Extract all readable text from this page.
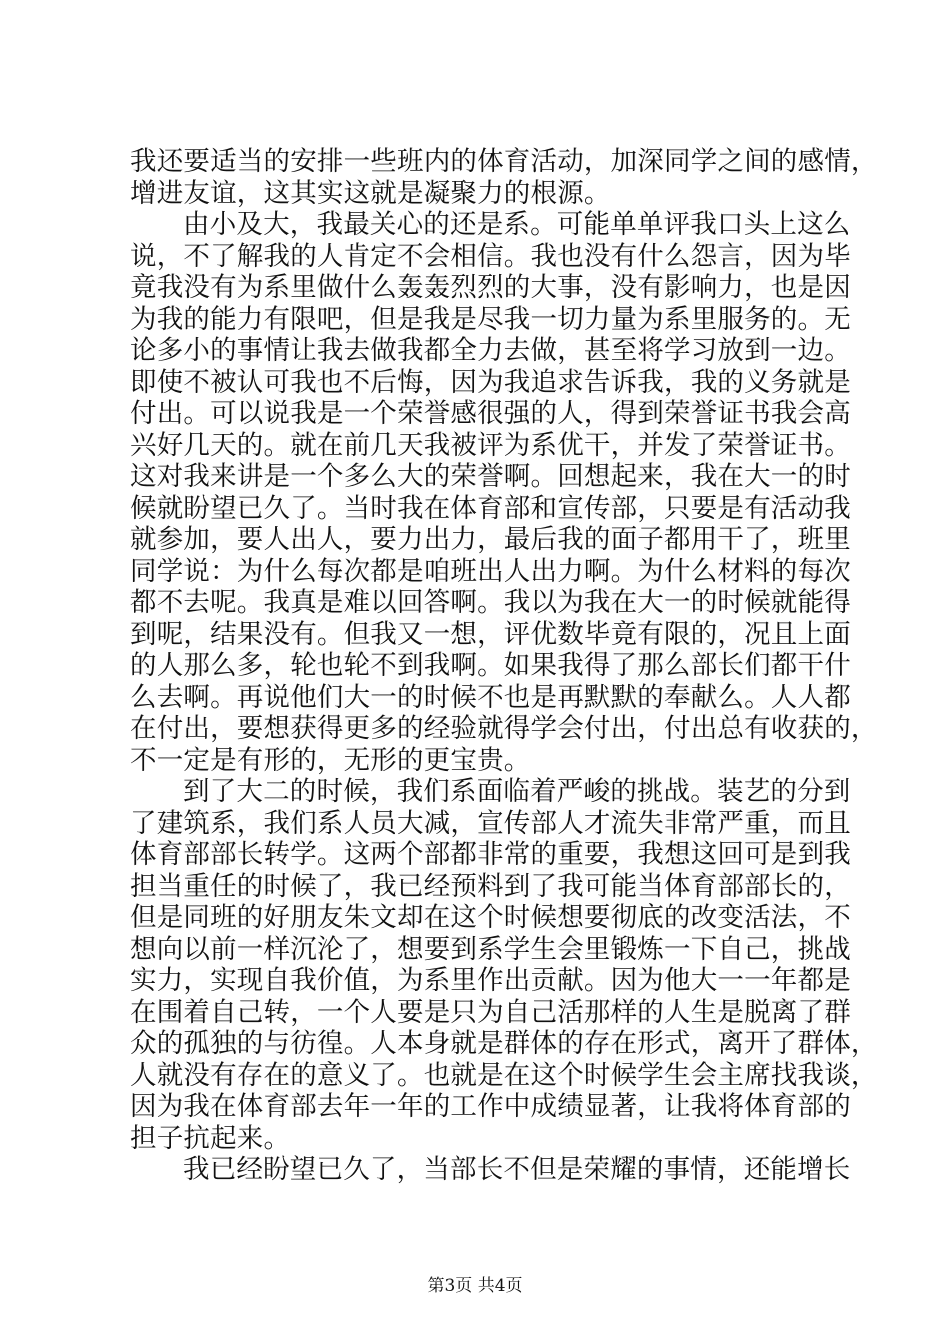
我还要适当的安排一些班内的体育活动，加深同学之间的感情，
增进友谊，这其实这就是凝聚力的根源。
由小及大，我最关心的还是系。可能单单评我口头上这么
说，不了解我的人肯定不会相信。我也没有什么怨言，因为毕
竟我没有为系里做什么轰轰烈烈的大事，没有影响力，也是因
为我的能力有限吧，但是我是尽我一切力量为系里服务的。无
论多小的事情让我去做我都全力去做，甚至将学习放到一边。
即使不被认可我也不后悔，因为我追求告诉我，我的义务就是
付出。可以说我是一个荣誉感很强的人，得到荣誉证书我会高
兴好几天的。就在前几天我被评为系优干，并发了荣誉证书。
这对我来讲是一个多么大的荣誉啊。回想起来，我在大一的时
候就盼望已久了。当时我在体育部和宣传部，只要是有活动我
就参加，要人出人，要力出力，最后我的面子都用干了，班里
同学说：为什么每次都是咱班出人出力啊。为什么材料的每次
都不去呢。我真是难以回答啊。我以为我在大一的时候就能得
到呢，结果没有。但我又一想，评优数毕竟有限的，况且上面
的人那么多，轮也轮不到我啊。如果我得了那么部长们都干什
么去啊。再说他们大一的时候不也是再默默的奉献么。人人都
在付出，要想获得更多的经验就得学会付出，付出总有收获的，
不一定是有形的，无形的更宝贵。
到了大二的时候，我们系面临着严峻的挑战。装艺的分到
了建筑系，我们系人员大减，宣传部人才流失非常严重，而且
体育部部长转学。这两个部都非常的重要，我想这回可是到我
担当重任的时候了，我已经预料到了我可能当体育部部长的，
但是同班的好朋友朱文却在这个时候想要彻底的改变活法，不
想向以前一样沉沦了，想要到系学生会里锻炼一下自己，挑战
实力，实现自我价值，为系里作出贡献。因为他大一一年都是
在围着自己转，一个人要是只为自己活那样的人生是脱离了群
众的孤独的与彷徨。人本身就是群体的存在形式，离开了群体，
人就没有存在的意义了。也就是在这个时候学生会主席找我谈，
因为我在体育部去年一年的工作中成绩显著，让我将体育部的
担子抗起来。
我已经盼望已久了，当部长不但是荣耀的事情，还能增长
第3页 共4页
